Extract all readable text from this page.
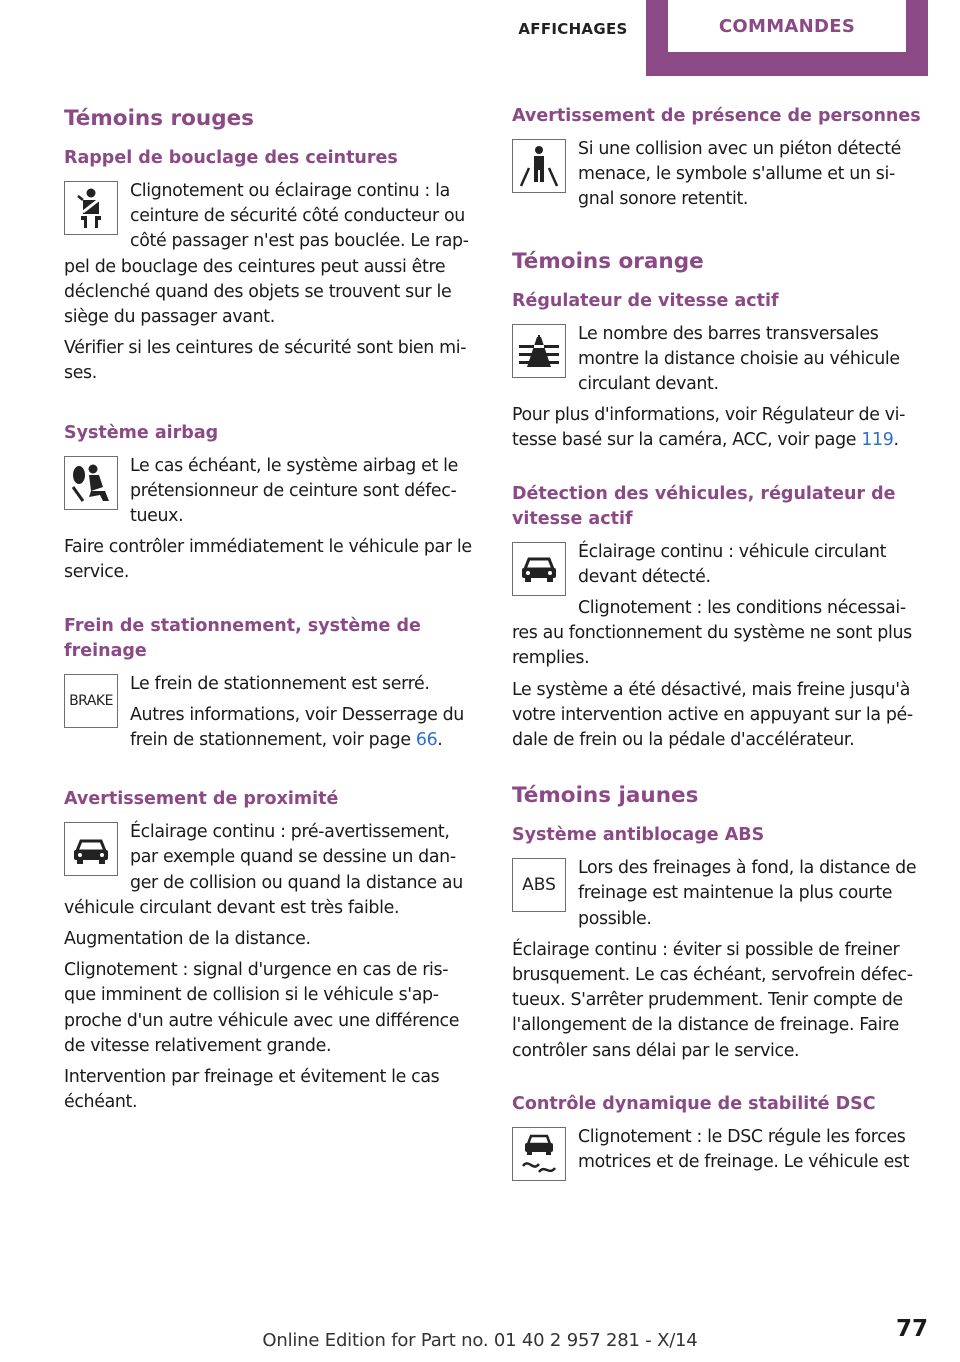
AFFICHAGES	COMMANDES
Témoins rouges
Rappel de bouclage des ceintures

Clignotement ou éclairage continu : la ceinture de sécurité côté conducteur ou côté passager n'est pas bouclée. Le rap- pel de bouclage des ceintures peut aussi être déclenché quand des objets se trouvent sur le siège du passager avant.

Vérifier si les ceintures de sécurité sont bien mi- ses.

Système airbag

Le cas échéant, le système airbag et le prétensionneur de ceinture sont défec- tueux.

Faire contrôler immédiatement le véhicule par le service.

Frein de stationnement, système de freinage
BRAKE

Le frein de stationnement est serré.

Autres informations, voir Desserrage du frein de stationnement, voir page 66.

Avertissement de proximité

Éclairage continu : pré-avertissement, par exemple quand se dessine un dan- ger de collision ou quand la distance au véhicule circulant devant est très faible.

Augmentation de la distance.

Clignotement : signal d'urgence en cas de ris- que imminent de collision si le véhicule s'ap- proche d'un autre véhicule avec une différence de vitesse relativement grande.

Intervention par freinage et évitement le cas échéant.

Avertissement de présence de personnes

Si une collision avec un piéton détecté menace, le symbole s'allume et un si- gnal sonore retentit.

Témoins orange
Régulateur de vitesse actif

Le nombre des barres transversales montre la distance choisie au véhicule circulant devant.

Pour plus d'informations, voir Régulateur de vi- tesse basé sur la caméra, ACC, voir page 119.

Détection des véhicules, régulateur de vitesse actif

Éclairage continu : véhicule circulant devant détecté.

Clignotement : les conditions nécessai- res au fonctionnement du système ne sont plus remplies.

Le système a été désactivé, mais freine jusqu'à votre intervention active en appuyant sur la pé- dale de frein ou la pédale d'accélérateur.

Témoins jaunes
Système antiblocage ABS
ABS

Lors des freinages à fond, la distance de freinage est maintenue la plus courte possible.

Éclairage continu : éviter si possible de freiner brusquement. Le cas échéant, servofrein défec- tueux. S'arrêter prudemment. Tenir compte de l'allongement de la distance de freinage. Faire contrôler sans délai par le service.

Contrôle dynamique de stabilité DSC

Clignotement : le DSC régule les forces motrices et de freinage. Le véhicule est

77
Online Edition for Part no. 01 40 2 957 281 - X/14
